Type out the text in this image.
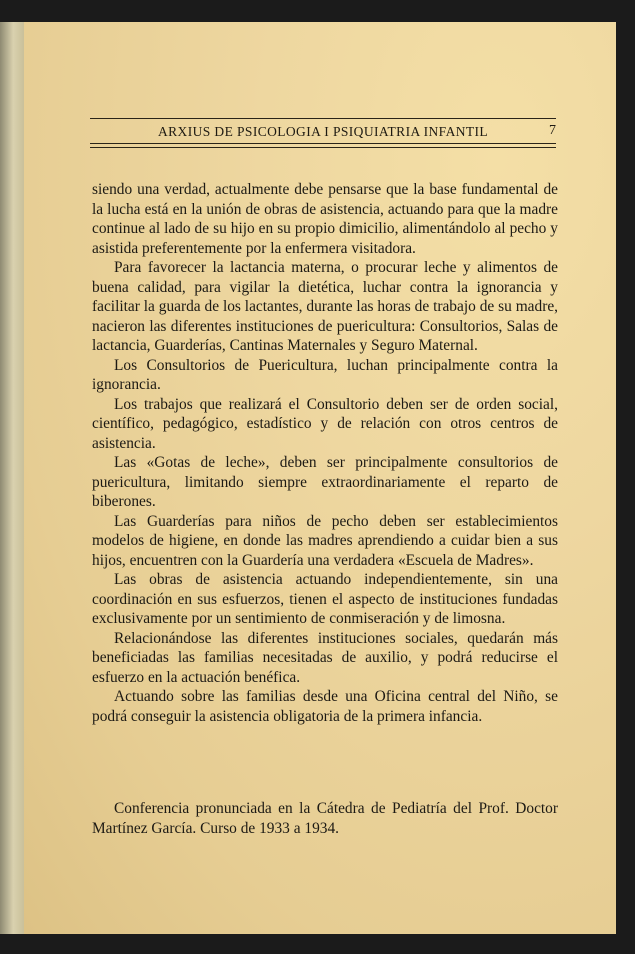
ARXIUS DE PSICOLOGIA I PSIQUIATRIA INFANTIL	7

siendo una verdad, actualmente debe pensarse que la base fundamental de la lucha está en la unión de obras de asistencia, actuando para que la madre continue al lado de su hijo en su propio dimicilio, alimentándolo al pecho y asistida preferentemente por la enfermera visitadora.

Para favorecer la lactancia materna, o procurar leche y alimentos de buena calidad, para vigilar la dietética, luchar contra la ignorancia y facilitar la guarda de los lactantes, durante las horas de trabajo de su madre, nacieron las diferentes instituciones de puericultura: Consultorios, Salas de lactancia, Guarderías, Cantinas Maternales y Seguro Maternal.

Los Consultorios de Puericultura, luchan principalmente contra la ignorancia.

Los trabajos que realizará el Consultorio deben ser de orden social, científico, pedagógico, estadístico y de relación con otros centros de asistencia.

Las «Gotas de leche», deben ser principalmente consultorios de puericultura, limitando siempre extraordinariamente el reparto de biberones.

Las Guarderías para niños de pecho deben ser establecimientos modelos de higiene, en donde las madres aprendiendo a cuidar bien a sus hijos, encuentren con la Guardería una verdadera «Escuela de Madres».

Las obras de asistencia actuando independientemente, sin una coordinación en sus esfuerzos, tienen el aspecto de instituciones fundadas exclusivamente por un sentimiento de conmiseración y de limosna.

Relacionándose las diferentes instituciones sociales, quedarán más beneficiadas las familias necesitadas de auxilio, y podrá reducirse el esfuerzo en la actuación benéfica.

Actuando sobre las familias desde una Oficina central del Niño, se podrá conseguir la asistencia obligatoria de la primera infancia.

Conferencia pronunciada en la Cátedra de Pediatría del Prof. Doctor Martínez García. Curso de 1933 a 1934.
